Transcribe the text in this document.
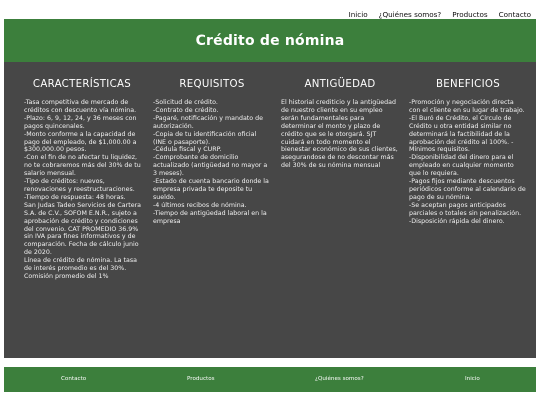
Inicio ¿Quiénes somos? Productos Contacto
Crédito de nómina
CARACTERÍSTICAS

-Tasa competitiva de mercado de créditos con descuento vía nómina.
-Plazo: 6, 9, 12, 24, y 36 meses con pagos quincenales.
-Monto conforme a la capacidad de pago del empleado, de $1,000.00 a $300,000.00 pesos.
-Con el fin de no afectar tu liquidez, no te cobraremos más del 30% de tu salario mensual.
-Tipo de créditos: nuevos, renovaciones y reestructuraciones.
-Tiempo de respuesta: 48 horas.
San Judas Tadeo Servicios de Cartera S.A. de C.V., SOFOM E.N.R., sujeto a aprobación de crédito y condiciones del convenio. CAT PROMEDIO 36.9% sin IVA para fines informativos y de comparación. Fecha de cálculo junio de 2020.
Línea de crédito de nómina. La tasa de interés promedio es del 30%. Comisión promedio del 1%

REQUISITOS

-Solicitud de crédito.
-Contrato de crédito.
-Pagaré, notificación y mandato de autorización.
-Copia de tu identificación oficial (INE o pasaporte).
-Cédula fiscal y CURP.
-Comprobante de domicilio actualizado (antigüedad no mayor a 3 meses).
-Estado de cuenta bancario donde la empresa privada te deposite tu sueldo.
-4 últimos recibos de nómina.
-Tiempo de antigüedad laboral en la empresa

ANTIGÜEDAD

El historial crediticio y la antigüedad de nuestro cliente en su empleo serán fundamentales para determinar el monto y plazo de crédito que se le otorgará. SJT cuidará en todo momento el bienestar económico de sus clientes, asegurandose de no descontar más del 30% de su nómina mensual

BENEFICIOS

-Promoción y negociación directa con el cliente en su lugar de trabajo.
-El Buró de Crédito, el Círculo de Crédito u otra entidad similar no determinará la factibilidad de la aprobación del crédito al 100%. -Mínimos requisitos.
-Disponibilidad del dinero para el empleado en cualquier momento que lo requiera.
-Pagos fijos mediante descuentos periódicos conforme al calendario de pago de su nómina.
-Se aceptan pagos anticipados parciales o totales sin penalización.
-Disposición rápida del dinero.

Contacto	Productos	¿Quiénes somos?	Inicio
